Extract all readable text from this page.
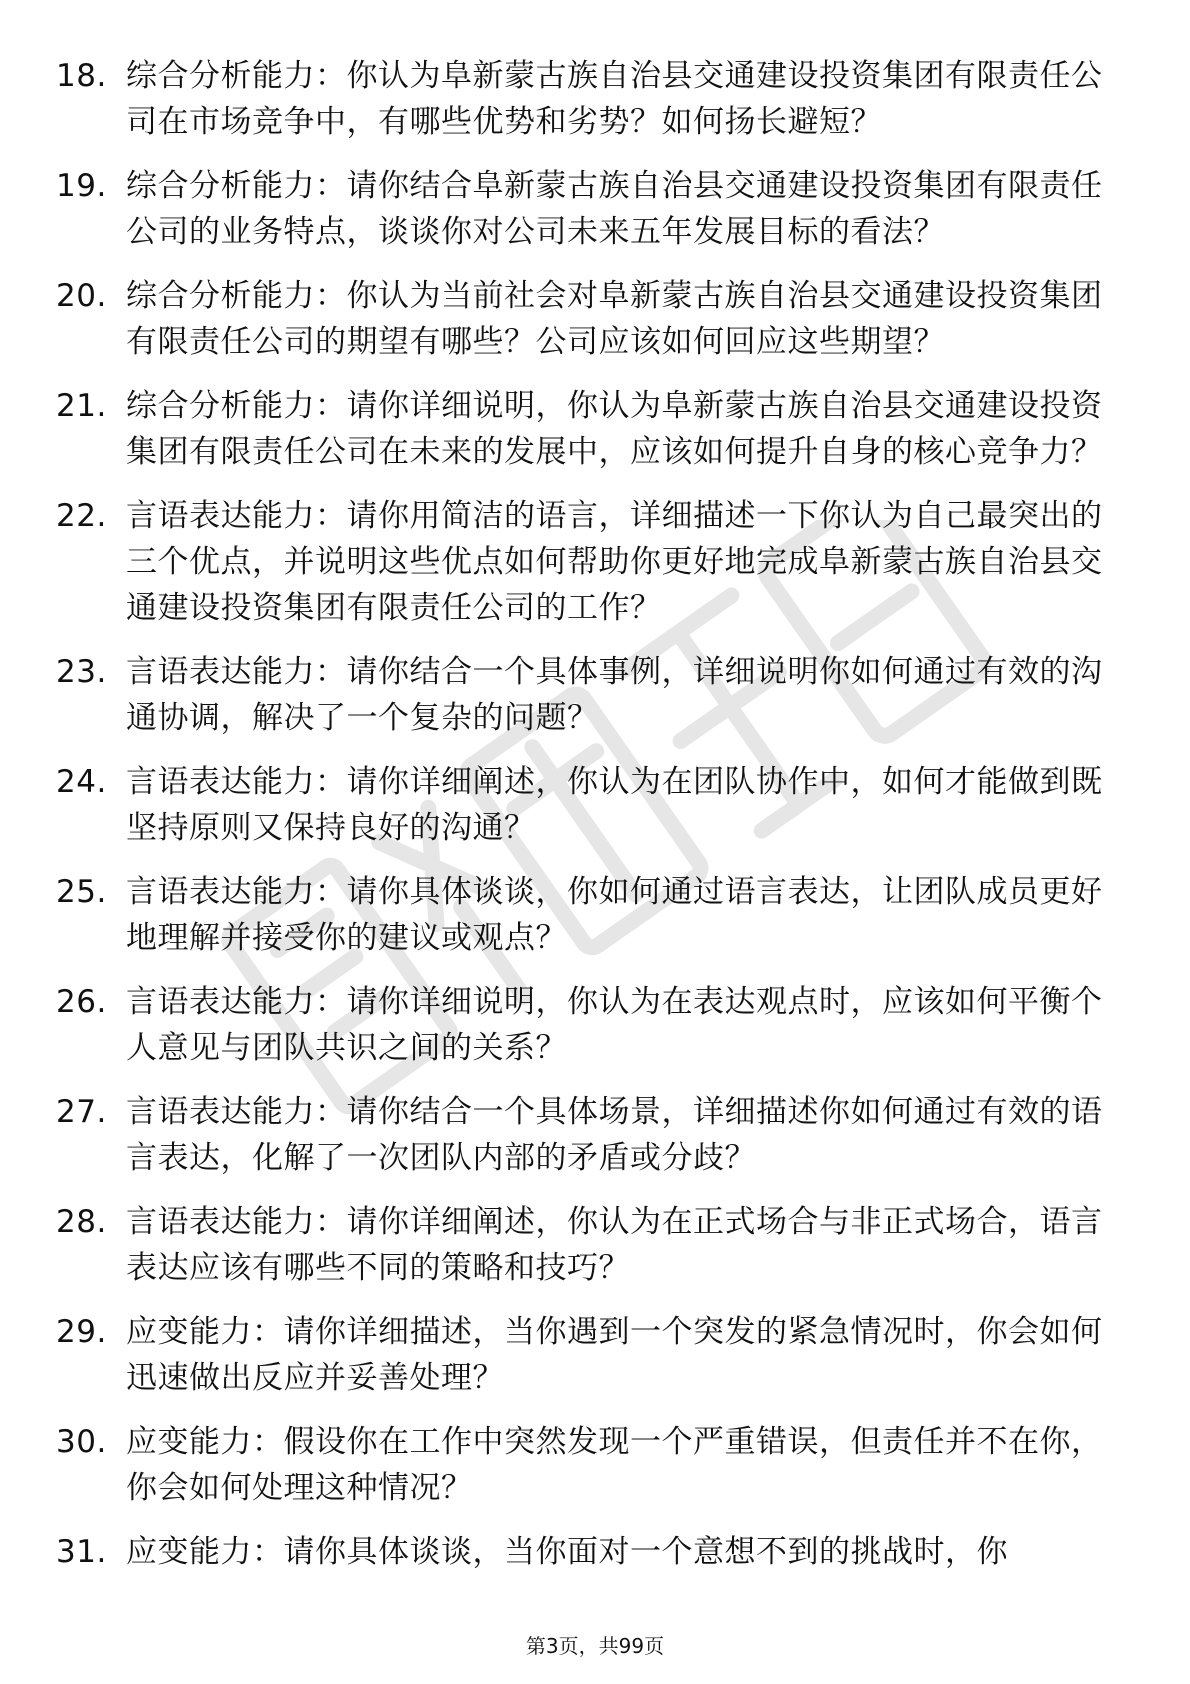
18. 综合分析能力：你认为阜新蒙古族自治县交通建设投资集团有限责任公司在市场竞争中，有哪些优势和劣势？如何扬长避短？
19. 综合分析能力：请你结合阜新蒙古族自治县交通建设投资集团有限责任公司的业务特点，谈谈你对公司未来五年发展目标的看法？
20. 综合分析能力：你认为当前社会对阜新蒙古族自治县交通建设投资集团有限责任公司的期望有哪些？公司应该如何回应这些期望？
21. 综合分析能力：请你详细说明，你认为阜新蒙古族自治县交通建设投资集团有限责任公司在未来的发展中，应该如何提升自身的核心竞争力？
22. 言语表达能力：请你用简洁的语言，详细描述一下你认为自己最突出的三个优点，并说明这些优点如何帮助你更好地完成阜新蒙古族自治县交通建设投资集团有限责任公司的工作？
23. 言语表达能力：请你结合一个具体事例，详细说明你如何通过有效的沟通协调，解决了一个复杂的问题？
24. 言语表达能力：请你详细阐述，你认为在团队协作中，如何才能做到既坚持原则又保持良好的沟通？
25. 言语表达能力：请你具体谈谈，你如何通过语言表达，让团队成员更好地理解并接受你的建议或观点？
26. 言语表达能力：请你详细说明，你认为在表达观点时，应该如何平衡个人意见与团队共识之间的关系？
27. 言语表达能力：请你结合一个具体场景，详细描述你如何通过有效的语言表达，化解了一次团队内部的矛盾或分歧？
28. 言语表达能力：请你详细阐述，你认为在正式场合与非正式场合，语言表达应该有哪些不同的策略和技巧？
29. 应变能力：请你详细描述，当你遇到一个突发的紧急情况时，你会如何迅速做出反应并妥善处理？
30. 应变能力：假设你在工作中突然发现一个严重错误，但责任并不在你，你会如何处理这种情况？
31. 应变能力：请你具体谈谈，当你面对一个意想不到的挑战时，你
第3页，共99页
